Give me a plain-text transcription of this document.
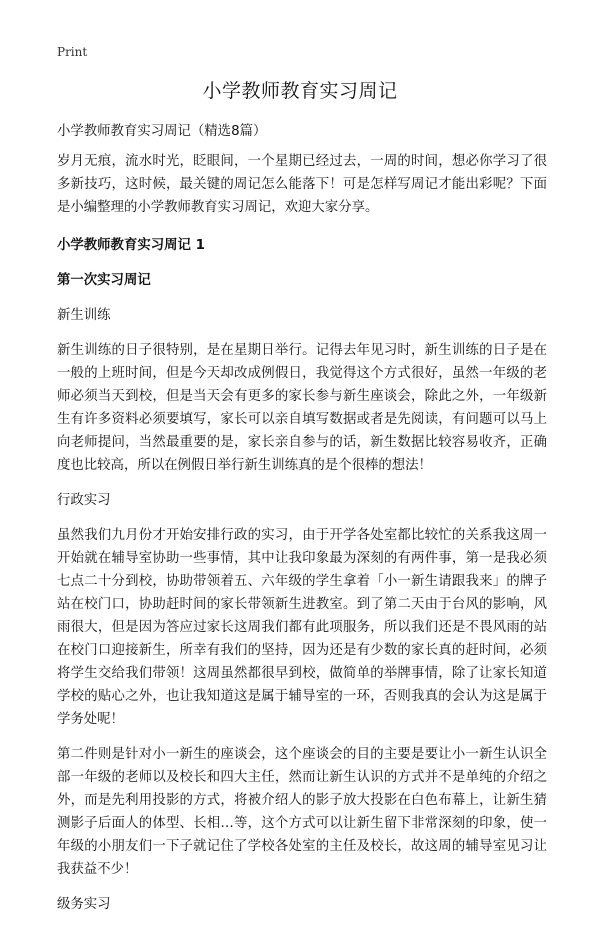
Print
小学教师教育实习周记

小学教师教育实习周记（精选8篇）

岁月无痕，流水时光，眨眼间，一个星期已经过去，一周的时间，想必你学习了很多新技巧，这时候，最关键的周记怎么能落下！可是怎样写周记才能出彩呢？下面是小编整理的小学教师教育实习周记，欢迎大家分享。

小学教师教育实习周记 1

第一次实习周记

新生训练

新生训练的日子很特别，是在星期日举行。记得去年见习时，新生训练的日子是在一般的上班时间，但是今天却改成例假日，我觉得这个方式很好，虽然一年级的老师必须当天到校，但是当天会有更多的家长参与新生座谈会，除此之外，一年级新生有许多资料必须要填写，家长可以亲自填写数据或者是先阅读，有问题可以马上向老师提问，当然最重要的是，家长亲自参与的话，新生数据比较容易收齐，正确度也比较高，所以在例假日举行新生训练真的是个很棒的想法！

行政实习

虽然我们九月份才开始安排行政的实习，由于开学各处室都比较忙的关系我这周一开始就在辅导室协助一些事情，其中让我印象最为深刻的有两件事，第一是我必须七点二十分到校，协助带领着五、六年级的学生拿着「小一新生请跟我来」的牌子站在校门口，协助赶时间的家长带领新生进教室。到了第二天由于台风的影响，风雨很大，但是因为答应过家长这周我们都有此项服务，所以我们还是不畏风雨的站在校门口迎接新生，所幸有我们的坚持，因为还是有少数的家长真的赶时间，必须将学生交给我们带领！这周虽然都很早到校，做简单的举牌事情，除了让家长知道学校的贴心之外，也让我知道这是属于辅导室的一环，否则我真的会认为这是属于学务处呢！

第二件则是针对小一新生的座谈会，这个座谈会的目的主要是要让小一新生认识全部一年级的老师以及校长和四大主任，然而让新生认识的方式并不是单纯的介绍之外，而是先利用投影的方式，将被介绍人的影子放大投影在白色布幕上，让新生猜测影子后面人的体型、长相…等，这个方式可以让新生留下非常深刻的印象，使一年级的小朋友们一下子就记住了学校各处室的主任及校长，故这周的辅导室见习让我获益不少！

级务实习
